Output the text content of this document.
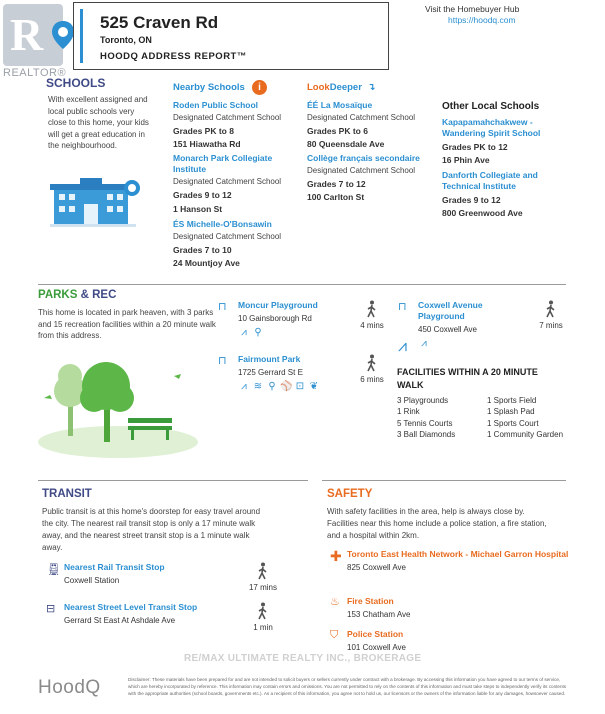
R
REALTOR®
525 Craven Rd
Toronto, ON
HOODQ ADDRESS REPORT™
Visit the Homebuyer Hub
https://hoodq.com
SCHOOLS
With excellent assigned and local public schools very close to this home, your kids will get a great education in the neighbourhood.
Nearby Schools	i
Roden Public School
Designated Catchment School
Grades PK to 8
151 Hiawatha Rd
Monarch Park Collegiate Institute
Designated Catchment School
Grades 9 to 12
1 Hanson St
ÉS Michelle-O'Bonsawin
Designated Catchment School
Grades 7 to 10
24 Mountjoy Ave
LookDeeper ↴
ÉÉ La Mosaïque
Designated Catchment School
Grades PK to 6
80 Queensdale Ave
Collège français secondaire
Designated Catchment School
Grades 7 to 12
100 Carlton St
Other Local Schools
Kapapamahchakwew - Wandering Spirit School
Grades PK to 12
16 Phin Ave
Danforth Collegiate and Technical Institute
Grades 9 to 12
800 Greenwood Ave
PARKS & REC
This home is located in park heaven, with 3 parks and 15 recreation facilities within a 20 minute walk from this address.
⊓	Moncur Playground
10 Gainsborough Rd
⩘ ⚲
4 mins
⊓	Coxwell Avenue Playground
450 Coxwell Ave
⩘
7 mins
⊓	Fairmount Park
1725 Gerrard St E
⩘ ≋ ⚲ ⚾ ⊡ ❦
6 mins
⩘
FACILITIES WITHIN A 20 MINUTE WALK
3 Playgrounds	1 Sports Field
1 Rink	1 Splash Pad
5 Tennis Courts	1 Sports Court
3 Ball Diamonds	1 Community Garden
TRANSIT
Public transit is at this home's doorstep for easy travel around the city. The nearest rail transit stop is only a 17 minute walk away, and the nearest street transit stop is a 1 minute walk away.
🚆︎ Nearest Rail Transit Stop
Coxwell Station
17 mins
⊟	Nearest Street Level Transit Stop
Gerrard St East At Ashdale Ave
1 min
SAFETY
With safety facilities in the area, help is always close by. Facilities near this home include a police station, a fire station, and a hospital within 2km.
✚ Toronto East Health Network - Michael Garron Hospital
825 Coxwell Ave
♨ Fire Station
153 Chatham Ave
⛉	Police Station
101 Coxwell Ave
RE/MAX ULTIMATE REALTY INC., BROKERAGE
HoodQ	Disclaimer: These materials have been prepared for and are not intended to solicit buyers or sellers currently under contract with a brokerage. By accessing this information you have agreed to our terms of service, which are hereby incorporated by reference. This information may contain errors and omissions. You are not permitted to rely on the contents of this information and must take steps to independently verify its contents with the appropriate authorities (school boards, governments etc.). As a recipient of this information, you agree not to hold us, our licensors or the owners of the information liable for any damages, howsoever caused.
